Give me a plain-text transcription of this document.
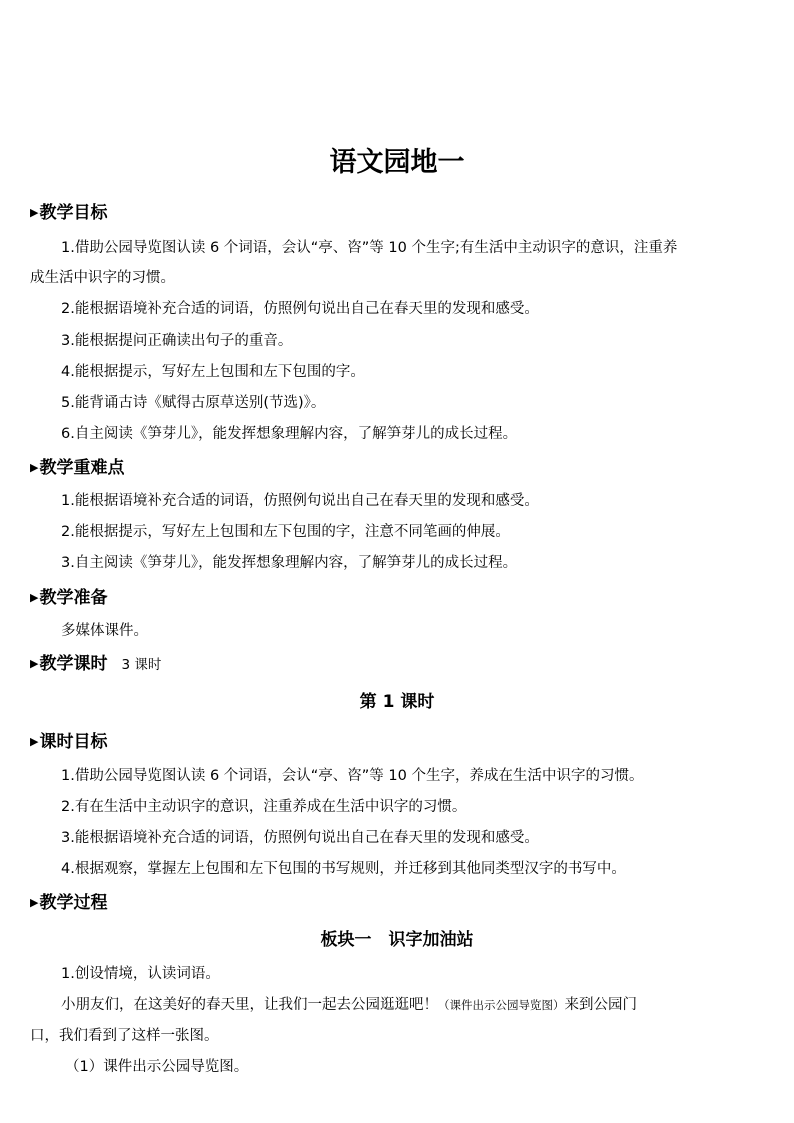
语文园地一
▶教学目标
1.借助公园导览图认读 6 个词语，会认“亭、咨”等 10 个生字;有生活中主动识字的意识，注重养
成生活中识字的习惯。
2.能根据语境补充合适的词语，仿照例句说出自己在春天里的发现和感受。
3.能根据提问正确读出句子的重音。
4.能根据提示，写好左上包围和左下包围的字。
5.能背诵古诗《赋得古原草送别(节选)》。
6.自主阅读《笋芽儿》，能发挥想象理解内容，了解笋芽儿的成长过程。
▶教学重难点
1.能根据语境补充合适的词语，仿照例句说出自己在春天里的发现和感受。
2.能根据提示，写好左上包围和左下包围的字，注意不同笔画的伸展。
3.自主阅读《笋芽儿》，能发挥想象理解内容，了解笋芽儿的成长过程。
▶教学准备
多媒体课件。
▶教学课时 3 课时
第 1 课时
▶课时目标
1.借助公园导览图认读 6 个词语，会认“亭、咨”等 10 个生字，养成在生活中识字的习惯。
2.有在生活中主动识字的意识，注重养成在生活中识字的习惯。
3.能根据语境补充合适的词语，仿照例句说出自己在春天里的发现和感受。
4.根据观察，掌握左上包围和左下包围的书写规则，并迁移到其他同类型汉字的书写中。
▶教学过程
板块一　识字加油站
1.创设情境，认读词语。
小朋友们，在这美好的春天里，让我们一起去公园逛逛吧！（课件出示公园导览图）来到公园门
口，我们看到了这样一张图。
（1）课件出示公园导览图。
